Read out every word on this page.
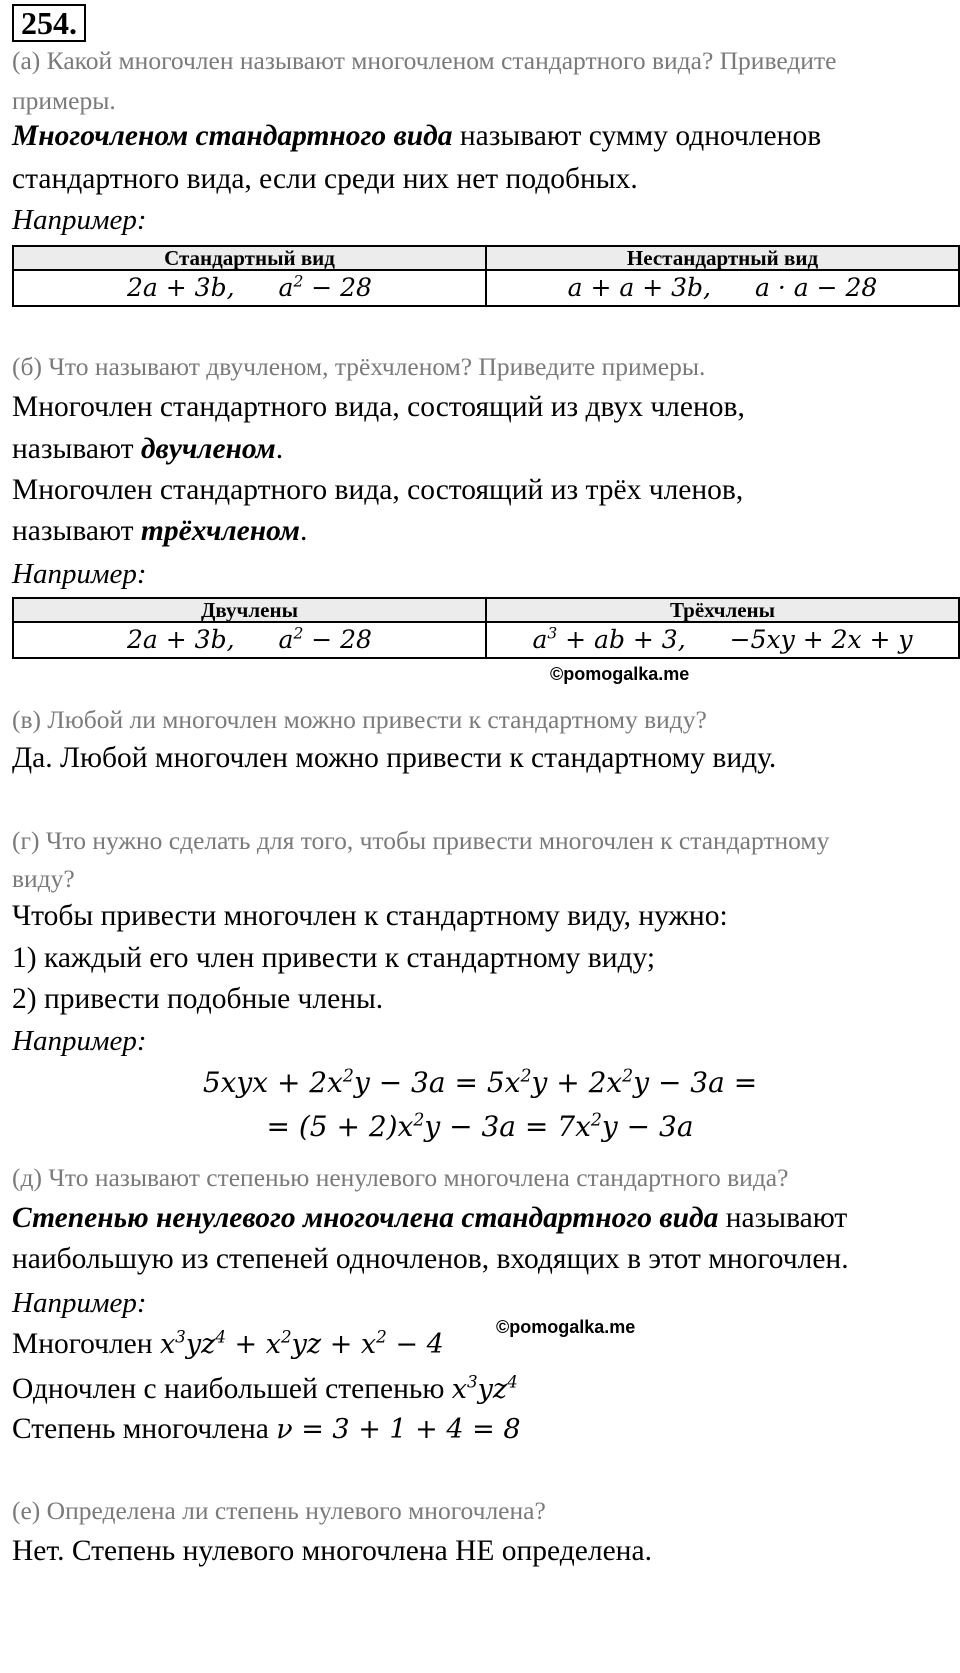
254.
(а) Какой многочлен называют многочленом стандартного вида? Приведите
примеры.
Многочленом стандартного вида называют сумму одночленов
стандартного вида, если среди них нет подобных.
Например:
Стандартный вид	Нестандартный вид
2a + 3b, $a^2 - 28$	a + a + 3b, a · a − 28
(б) Что называют двучленом, трёхчленом? Приведите примеры.
Многочлен стандартного вида, состоящий из двух членов,
называют двучленом.
Многочлен стандартного вида, состоящий из трёх членов,
называют трёхчленом.
Например:
Двучлены	Трёхчлены
2a + 3b, $a^2 - 28$	$a^3$ + ab + 3, −5xy + 2x + y
©pomogalka.me
(в) Любой ли многочлен можно привести к стандартному виду?
Да. Любой многочлен можно привести к стандартному виду.
(г) Что нужно сделать для того, чтобы привести многочлен к стандартному
виду?
Чтобы привести многочлен к стандартному виду, нужно:
1) каждый его член привести к стандартному виду;
2) привести подобные члены.
Например:
$5xyx + 2x^2y - 3a = 5x^2y + 2x^2y - 3a$ =
= $(5 + 2)x^2y - 3a = 7x^2y - 3a$
(д) Что называют степенью ненулевого многочлена стандартного вида?
Степенью ненулевого многочлена стандартного вида называют
наибольшую из степеней одночленов, входящих в этот многочлен.
Например:
©pomogalka.me
Многочлен $x^3yz^4 + x^2yz + x^2 - 4$
Одночлен с наибольшей степенью $x^3yz^4$
Степень многочлена ν = 3 + 1 + 4 = 8
(е) Определена ли степень нулевого многочлена?
Нет. Степень нулевого многочлена НЕ определена.
